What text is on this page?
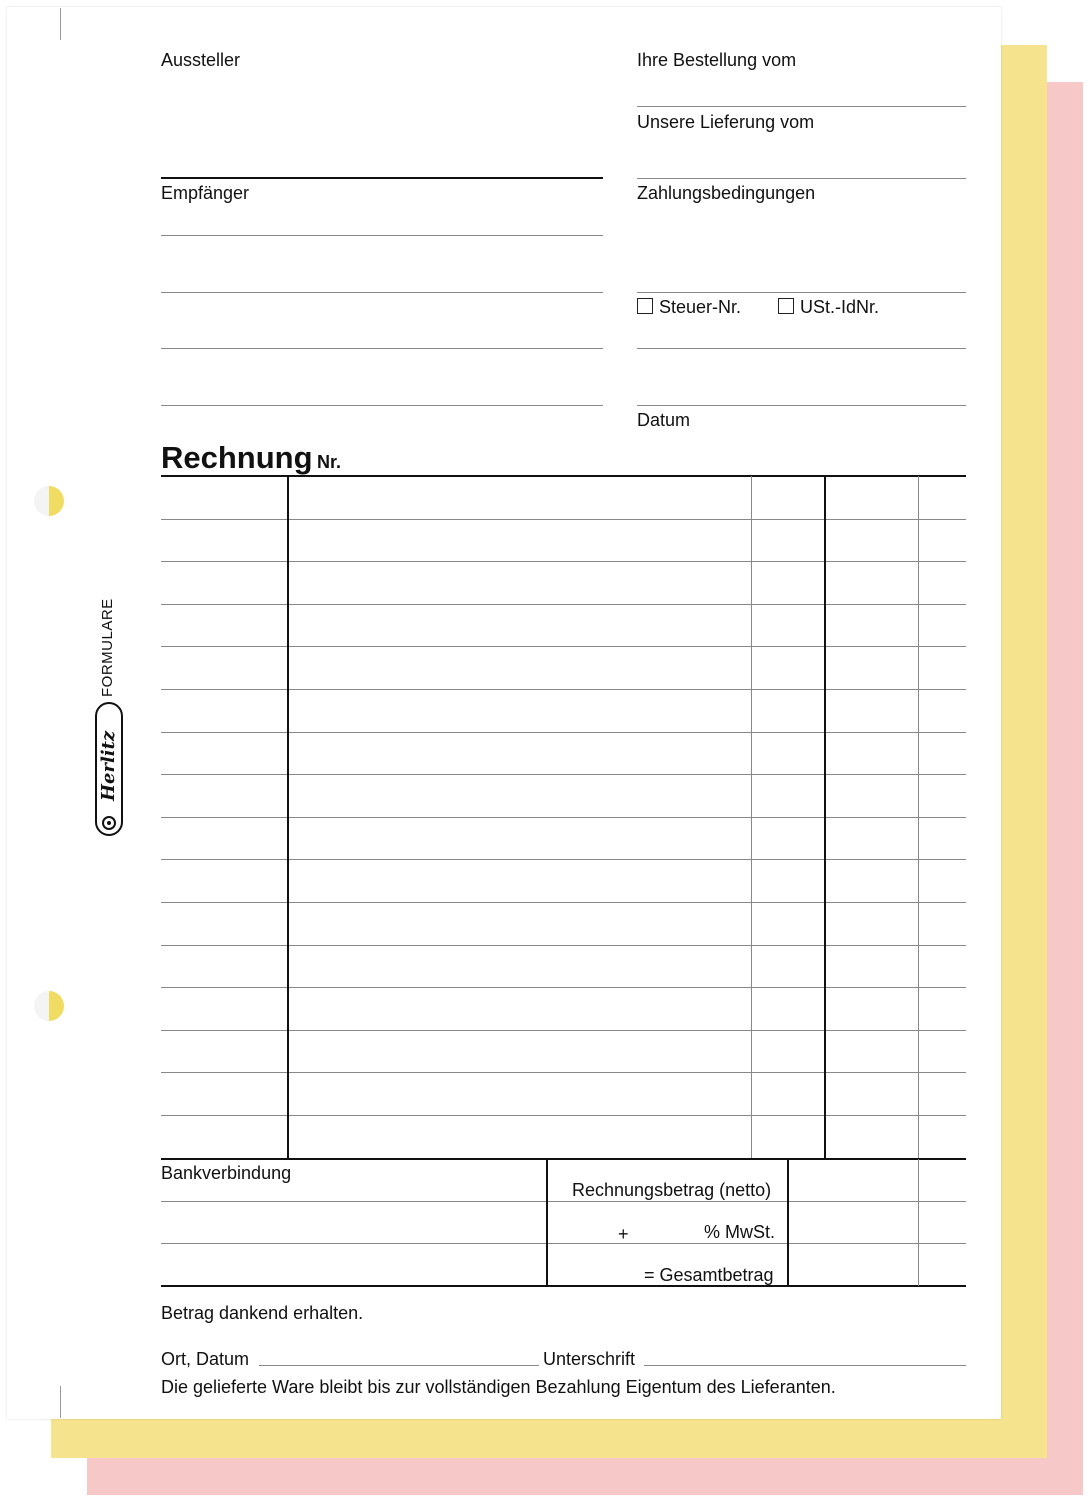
FORMULARE
Herlitz
Aussteller	Ihre Bestellung vom
Unsere Lieferung vom
Empfänger	Zahlungsbedingungen
Steuer-Nr.	USt.-IdNr.
Datum
Rechnung Nr.
Bankverbindung
Rechnungsbetrag (netto)
+	% MwSt.
= Gesamtbetrag
Betrag dankend erhalten.
Ort, Datum	Unterschrift
Die gelieferte Ware bleibt bis zur vollständigen Bezahlung Eigentum des Lieferanten.
